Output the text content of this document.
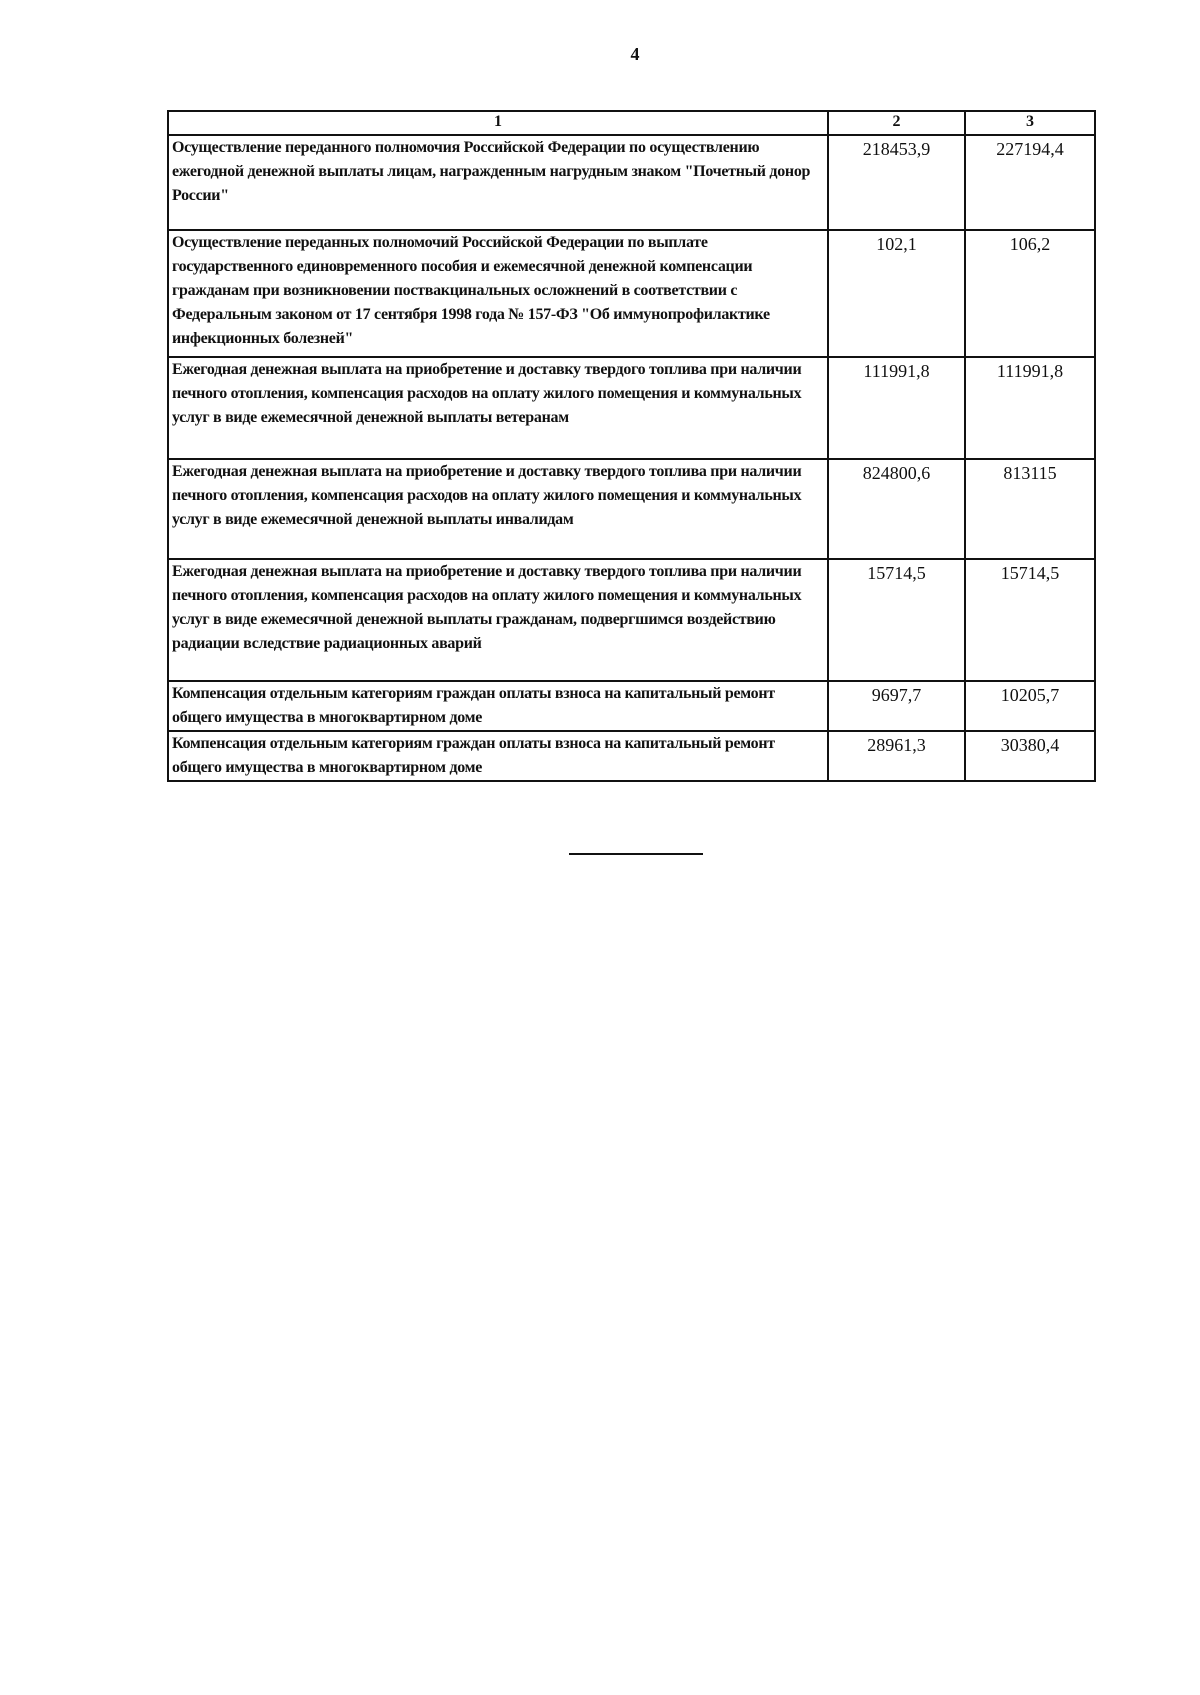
4
1	2	3
Осуществление переданного полномочия Российской Федерации по осуществлению ежегодной денежной выплаты лицам, награжденным нагрудным знаком "Почетный донор России"	218453,9	227194,4
Осуществление переданных полномочий Российской Федерации по выплате государственного единовременного пособия и ежемесячной денежной компенсации гражданам при возникновении поствакцинальных осложнений в соответствии с Федеральным законом от 17 сентября 1998 года № 157-ФЗ "Об иммунопрофилактике инфекционных болезней"	102,1	106,2
Ежегодная денежная выплата на приобретение и доставку твердого топлива при наличии печного отопления, компенсация расходов на оплату жилого помещения и коммунальных услуг в виде ежемесячной денежной выплаты ветеранам	111991,8	111991,8
Ежегодная денежная выплата на приобретение и доставку твердого топлива при наличии печного отопления, компенсация расходов на оплату жилого помещения и коммунальных услуг в виде ежемесячной денежной выплаты инвалидам	824800,6	813115
Ежегодная денежная выплата на приобретение и доставку твердого топлива при наличии печного отопления, компенсация расходов на оплату жилого помещения и коммунальных услуг в виде ежемесячной денежной выплаты гражданам, подвергшимся воздействию радиации вследствие радиационных аварий	15714,5	15714,5
Компенсация отдельным категориям граждан оплаты взноса на капитальный ремонт общего имущества в многоквартирном доме	9697,7	10205,7
Компенсация отдельным категориям граждан оплаты взноса на капитальный ремонт общего имущества в многоквартирном доме	28961,3	30380,4
